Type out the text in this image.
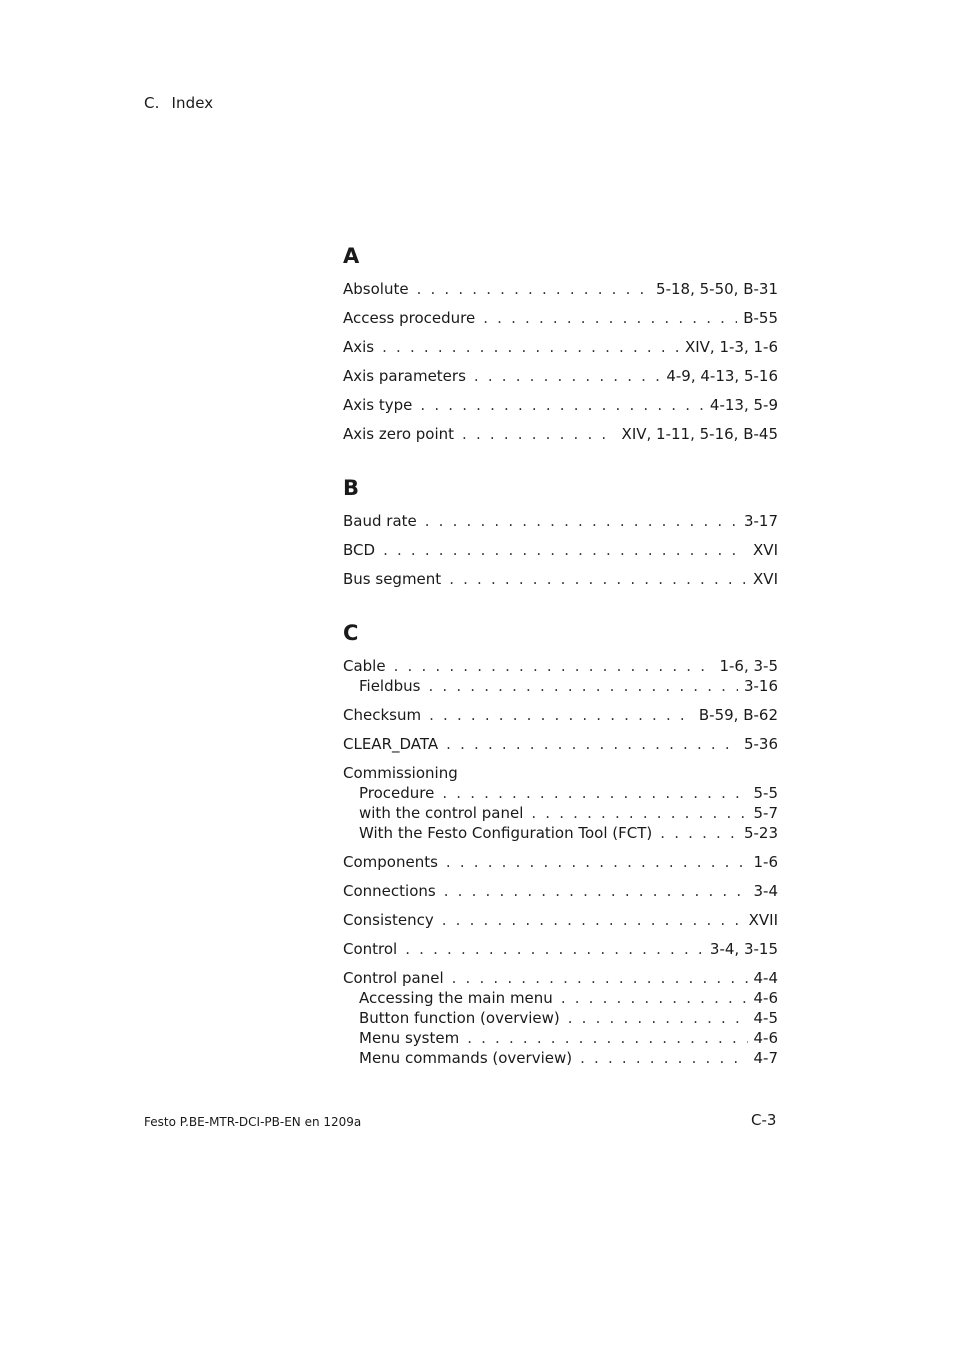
C. Index
A
Absolute . . .	5-18, 5-50, B-31
Access procedure . . .	B-55
Axis . . .	XIV, 1-3, 1-6
Axis parameters . . .	4-9, 4-13, 5-16
Axis type . . .	4-13, 5-9
Axis zero point . . .	XIV, 1-11, 5-16, B-45
B
Baud rate . . .	3-17
BCD . . .	XVI
Bus segment . . .	XVI
C
Cable . . .	1-6, 3-5
Fieldbus . . .	3-16
Checksum . . .	B-59, B-62
CLEAR_DATA . . .	5-36
Commissioning
Procedure . . .	5-5
with the control panel . . .	5-7
With the Festo Configuration Tool (FCT) . . .	5-23
Components . . .	1-6
Connections . . .	3-4
Consistency . . .	XVII
Control . . .	3-4, 3-15
Control panel . . .	4-4
Accessing the main menu . . .	4-6
Button function (overview) . . .	4-5
Menu system . . .	4-6
Menu commands (overview) . . .	4-7
Festo P.BE-MTR-DCI-PB-EN en 1209a	C-3
